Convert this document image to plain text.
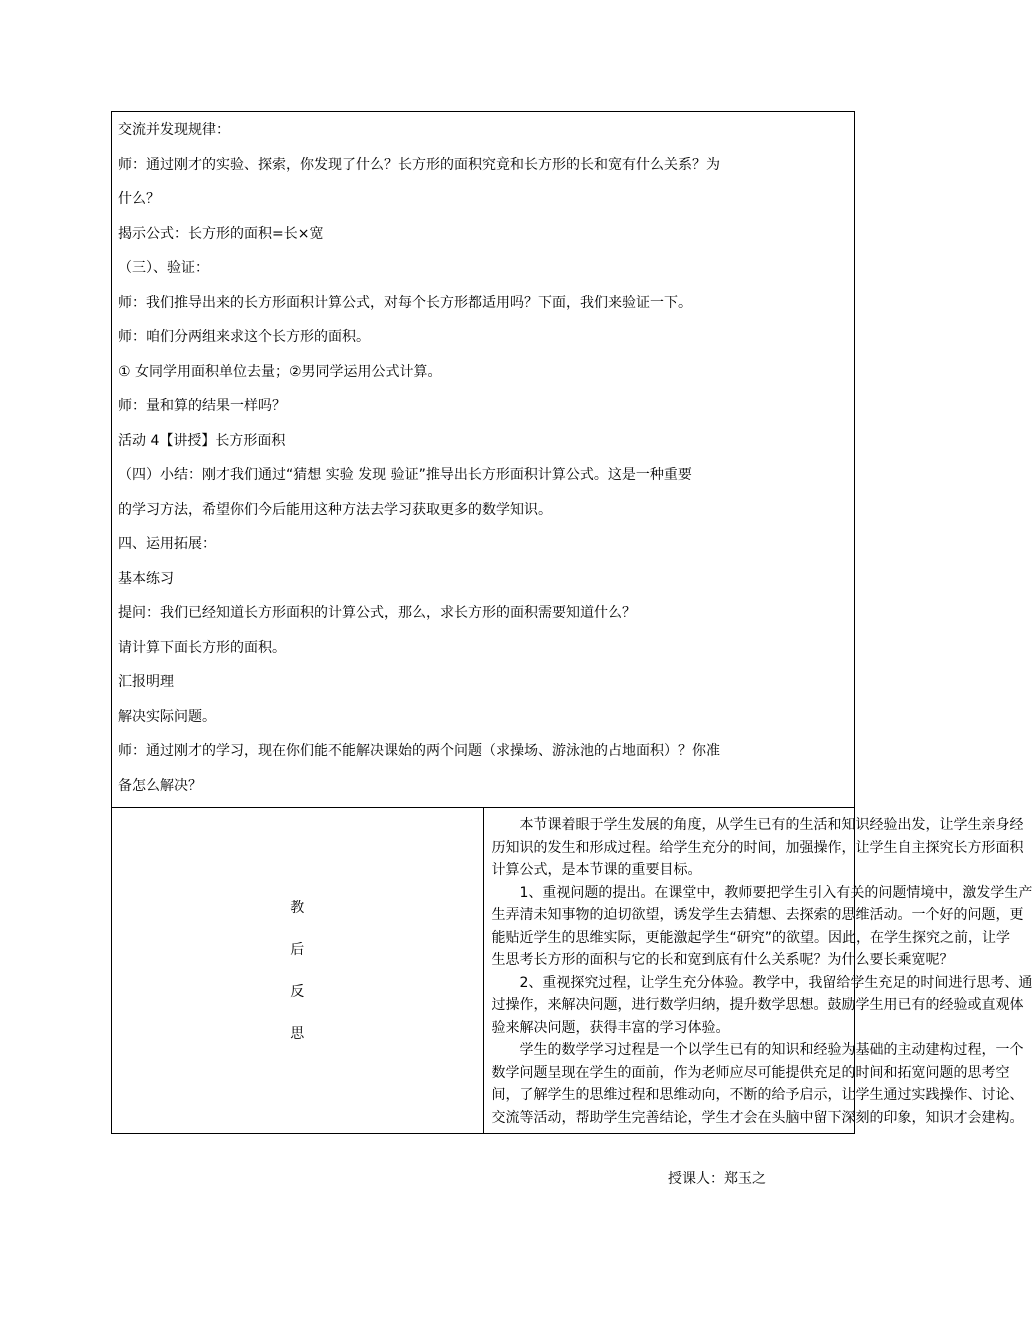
交流并发现规律：
师：通过刚才的实验、探索，你发现了什么？长方形的面积究竟和长方形的长和宽有什么关系？为
什么？
揭示公式：长方形的面积=长×宽
（三）、验证：
师：我们推导出来的长方形面积计算公式，对每个长方形都适用吗？下面，我们来验证一下。
师：咱们分两组来求这个长方形的面积。
① 女同学用面积单位去量；②男同学运用公式计算。
师：量和算的结果一样吗？
活动 4【讲授】长方形面积
（四）小结：刚才我们通过“猜想 实验 发现 验证”推导出长方形面积计算公式。这是一种重要
的学习方法，希望你们今后能用这种方法去学习获取更多的数学知识。
四、运用拓展：
基本练习
提问：我们已经知道长方形面积的计算公式，那么，求长方形的面积需要知道什么？
请计算下面长方形的面积。
汇报明理
解决实际问题。
师：通过刚才的学习，现在你们能不能解决课始的两个问题（求操场、游泳池的占地面积）？你准
备怎么解决？

教
后
反
思

本节课着眼于学生发展的角度，从学生已有的生活和知识经验出发，让学生亲身经
历知识的发生和形成过程。给学生充分的时间，加强操作，让学生自主探究长方形面积
计算公式，是本节课的重要目标。
1、重视问题的提出。在课堂中，教师要把学生引入有关的问题情境中，激发学生产
生弄清未知事物的迫切欲望，诱发学生去猜想、去探索的思维活动。一个好的问题，更
能贴近学生的思维实际，更能激起学生“研究”的欲望。因此，在学生探究之前，让学
生思考长方形的面积与它的长和宽到底有什么关系呢？为什么要长乘宽呢？
2、重视探究过程，让学生充分体验。教学中，我留给学生充足的时间进行思考、通
过操作，来解决问题，进行数学归纳，提升数学思想。鼓励学生用已有的经验或直观体
验来解决问题，获得丰富的学习体验。
学生的数学学习过程是一个以学生已有的知识和经验为基础的主动建构过程，一个
数学问题呈现在学生的面前，作为老师应尽可能提供充足的时间和拓宽问题的思考空
间，了解学生的思维过程和思维动向，不断的给予启示，让学生通过实践操作、讨论、
交流等活动，帮助学生完善结论，学生才会在头脑中留下深刻的印象，知识才会建构。
授课人：郑玉之
